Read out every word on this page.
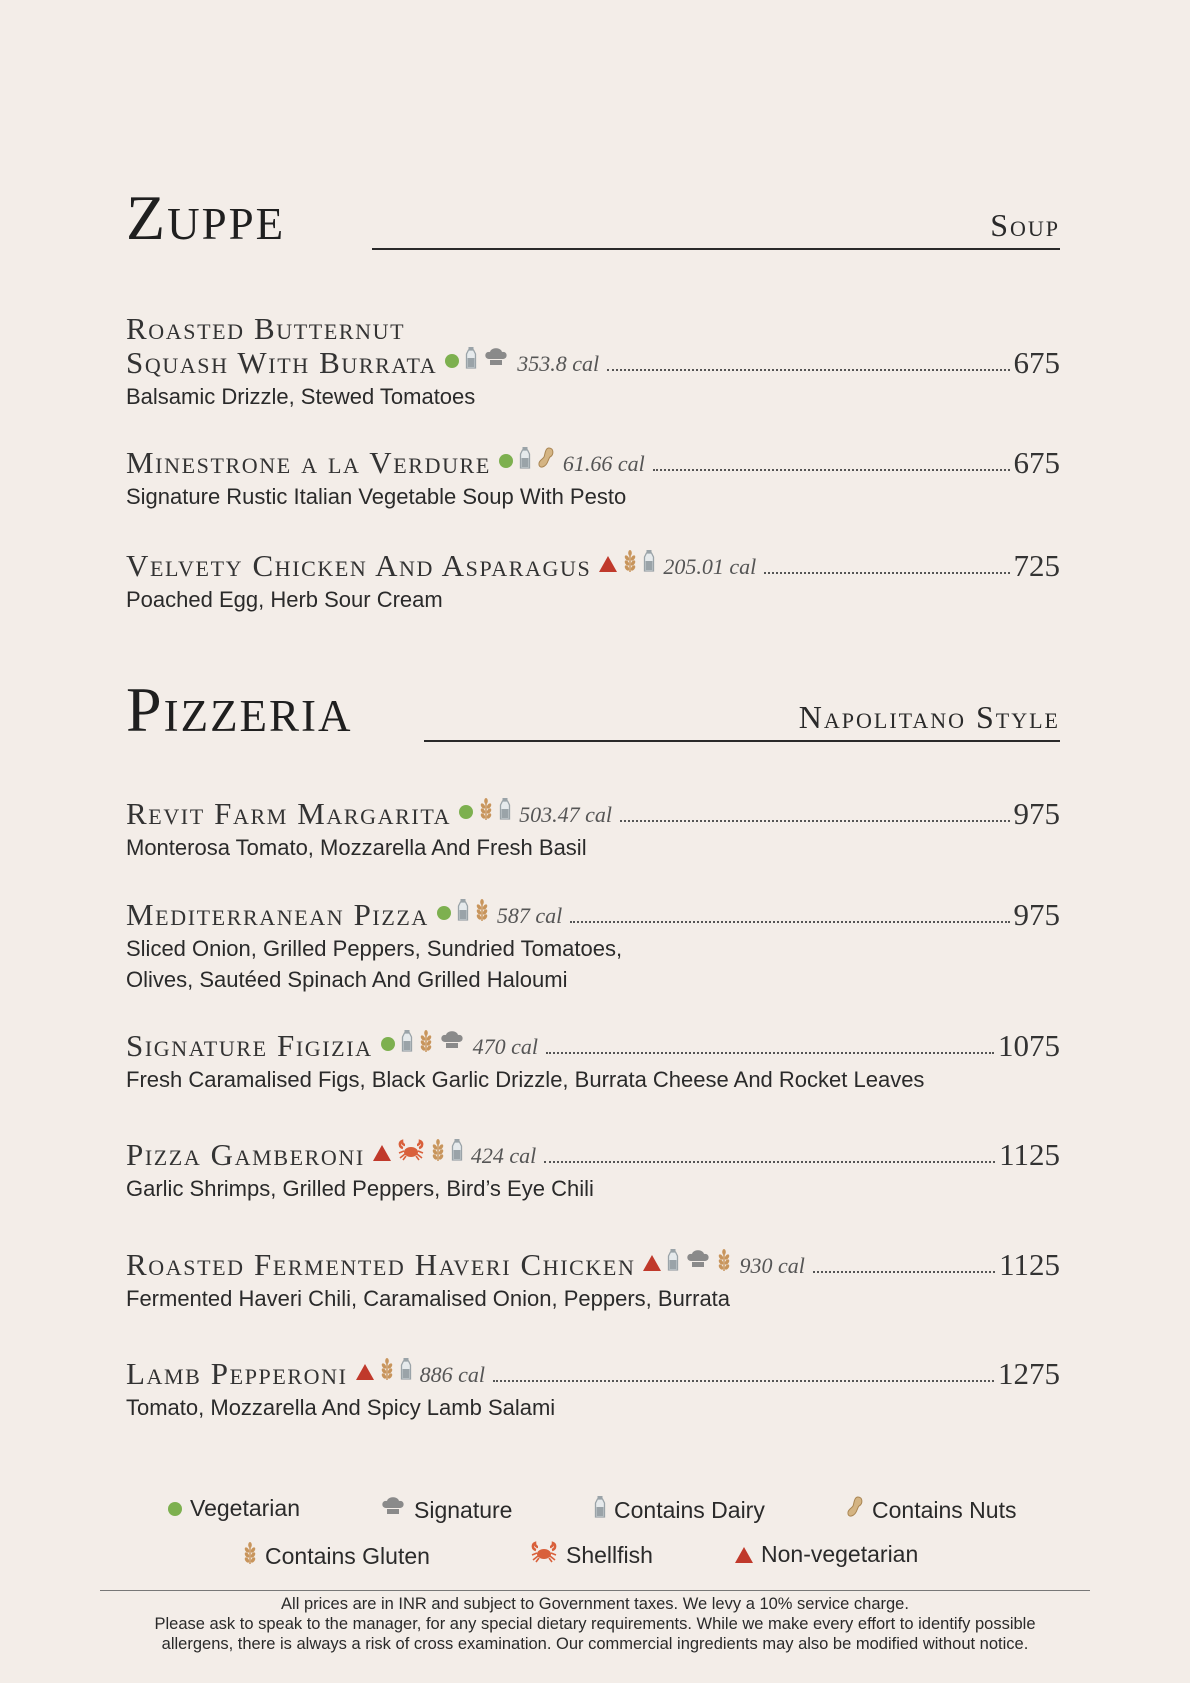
Zuppe	Soup
Roasted Butternut
Squash With Burrata	353.8 cal	675
Balsamic Drizzle, Stewed Tomatoes
Minestrone a la Verdure	61.66 cal	675
Signature Rustic Italian Vegetable Soup With Pesto
Velvety Chicken And Asparagus	205.01 cal	725
Poached Egg, Herb Sour Cream
Pizzeria	Napolitano Style
Revit Farm Margarita	503.47 cal	975
Monterosa Tomato, Mozzarella And Fresh Basil
Mediterranean Pizza	587 cal	975
Sliced Onion, Grilled Peppers, Sundried Tomatoes,
Olives, Sautéed Spinach And Grilled Haloumi
Signature Figizia	470 cal	1075
Fresh Caramalised Figs, Black Garlic Drizzle, Burrata Cheese And Rocket Leaves
Pizza Gamberoni	424 cal	1125
Garlic Shrimps, Grilled Peppers, Bird’s Eye Chili
Roasted Fermented Haveri Chicken	930 cal	1125
Fermented Haveri Chili, Caramalised Onion, Peppers, Burrata
Lamb Pepperoni	886 cal	1275
Tomato, Mozzarella And Spicy Lamb Salami
Vegetarian	Signature	Contains Dairy	Contains Nuts
Contains Gluten	Shellfish	Non-vegetarian
All prices are in INR and subject to Government taxes. We levy a 10% service charge.
Please ask to speak to the manager, for any special dietary requirements. While we make every effort to identify possible
allergens, there is always a risk of cross examination. Our commercial ingredients may also be modified without notice.
